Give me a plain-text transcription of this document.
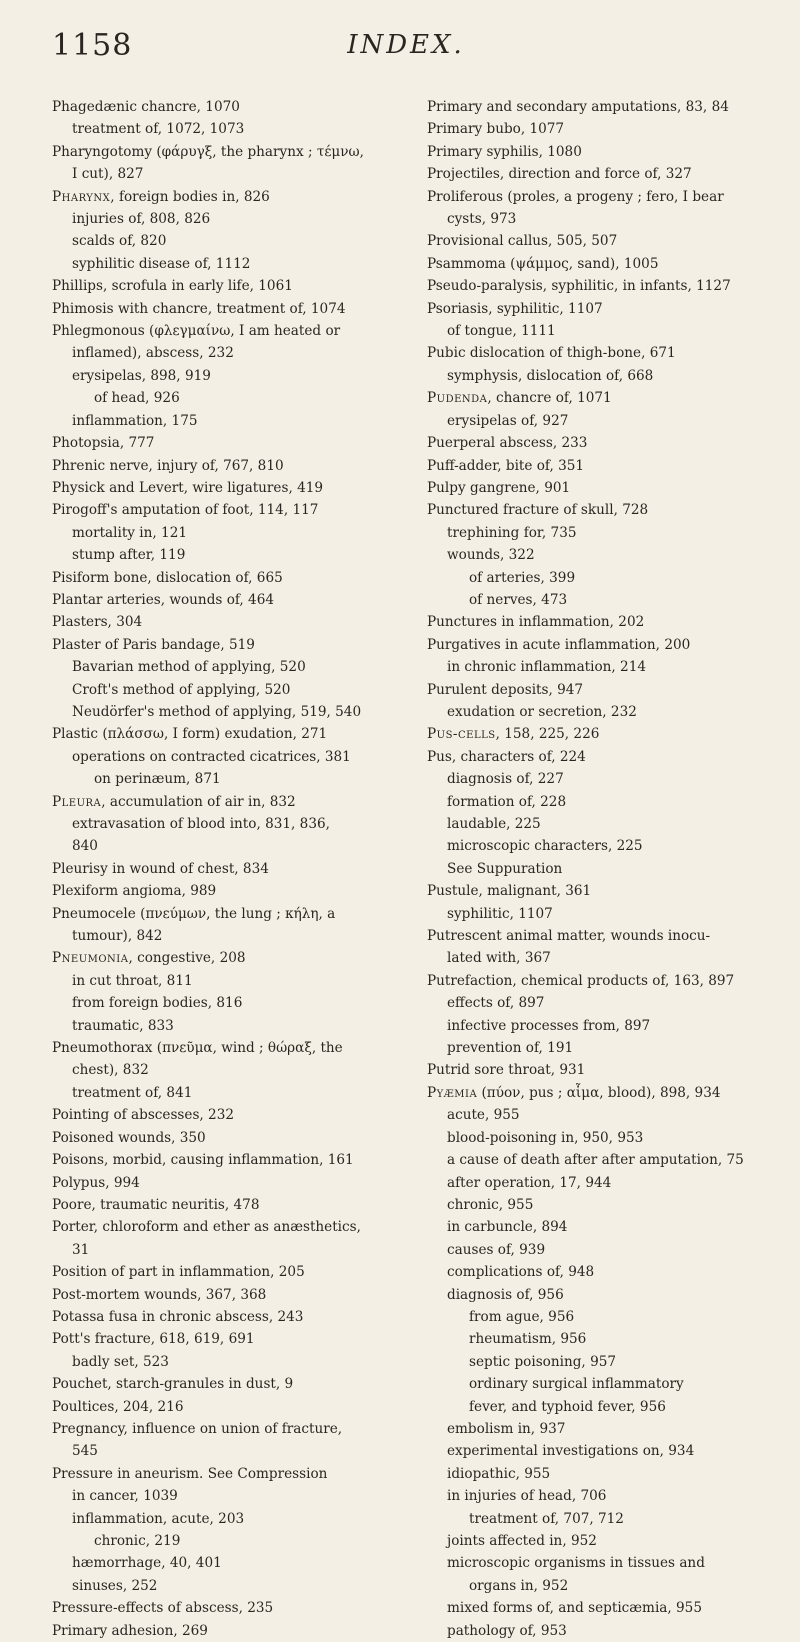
1158	INDEX.
Phagedænic chancre, 1070
treatment of, 1072, 1073
Pharyngotomy (φάρυγξ, the pharynx ; τέμνω,
I cut), 827
Pharynx, foreign bodies in, 826
injuries of, 808, 826
scalds of, 820
syphilitic disease of, 1112
Phillips, scrofula in early life, 1061
Phimosis with chancre, treatment of, 1074
Phlegmonous (φλεγμαίνω, I am heated or
inflamed), abscess, 232
erysipelas, 898, 919
of head, 926
inflammation, 175
Photopsia, 777
Phrenic nerve, injury of, 767, 810
Physick and Levert, wire ligatures, 419
Pirogoff's amputation of foot, 114, 117
mortality in, 121
stump after, 119
Pisiform bone, dislocation of, 665
Plantar arteries, wounds of, 464
Plasters, 304
Plaster of Paris bandage, 519
Bavarian method of applying, 520
Croft's method of applying, 520
Neudörfer's method of applying, 519, 540
Plastic (πλάσσω, I form) exudation, 271
operations on contracted cicatrices, 381
on perinæum, 871
Pleura, accumulation of air in, 832
extravasation of blood into, 831, 836,
840
Pleurisy in wound of chest, 834
Plexiform angioma, 989
Pneumocele (πνεύμων, the lung ; κήλη, a
tumour), 842
Pneumonia, congestive, 208
in cut throat, 811
from foreign bodies, 816
traumatic, 833
Pneumothorax (πνεῦμα, wind ; θώραξ, the
chest), 832
treatment of, 841
Pointing of abscesses, 232
Poisoned wounds, 350
Poisons, morbid, causing inflammation, 161
Polypus, 994
Poore, traumatic neuritis, 478
Porter, chloroform and ether as anæsthetics,
31
Position of part in inflammation, 205
Post-mortem wounds, 367, 368
Potassa fusa in chronic abscess, 243
Pott's fracture, 618, 619, 691
badly set, 523
Pouchet, starch-granules in dust, 9
Poultices, 204, 216
Pregnancy, influence on union of fracture,
545
Pressure in aneurism. See Compression
in cancer, 1039
inflammation, acute, 203
chronic, 219
hæmorrhage, 40, 401
sinuses, 252
Pressure-effects of abscess, 235
Primary adhesion, 269
Primary and secondary amputations, 83, 84
Primary bubo, 1077
Primary syphilis, 1080
Projectiles, direction and force of, 327
Proliferous (proles, a progeny ; fero, I bear
cysts, 973
Provisional callus, 505, 507
Psammoma (ψάμμος, sand), 1005
Pseudo-paralysis, syphilitic, in infants, 1127
Psoriasis, syphilitic, 1107
of tongue, 1111
Pubic dislocation of thigh-bone, 671
symphysis, dislocation of, 668
Pudenda, chancre of, 1071
erysipelas of, 927
Puerperal abscess, 233
Puff-adder, bite of, 351
Pulpy gangrene, 901
Punctured fracture of skull, 728
trephining for, 735
wounds, 322
of arteries, 399
of nerves, 473
Punctures in inflammation, 202
Purgatives in acute inflammation, 200
in chronic inflammation, 214
Purulent deposits, 947
exudation or secretion, 232
Pus-cells, 158, 225, 226
Pus, characters of, 224
diagnosis of, 227
formation of, 228
laudable, 225
microscopic characters, 225
See Suppuration
Pustule, malignant, 361
syphilitic, 1107
Putrescent animal matter, wounds inocu-
lated with, 367
Putrefaction, chemical products of, 163, 897
effects of, 897
infective processes from, 897
prevention of, 191
Putrid sore throat, 931
Pyæmia (πύον, pus ; αἷμα, blood), 898, 934
acute, 955
blood-poisoning in, 950, 953
a cause of death after after amputation, 75
after operation, 17, 944
chronic, 955
in carbuncle, 894
causes of, 939
complications of, 948
diagnosis of, 956
from ague, 956
rheumatism, 956
septic poisoning, 957
ordinary surgical inflammatory
fever, and typhoid fever, 956
embolism in, 937
experimental investigations on, 934
idiopathic, 955
in injuries of head, 706
treatment of, 707, 712
joints affected in, 952
microscopic organisms in tissues and
organs in, 952
mixed forms of, and septicæmia, 955
pathology of, 953
